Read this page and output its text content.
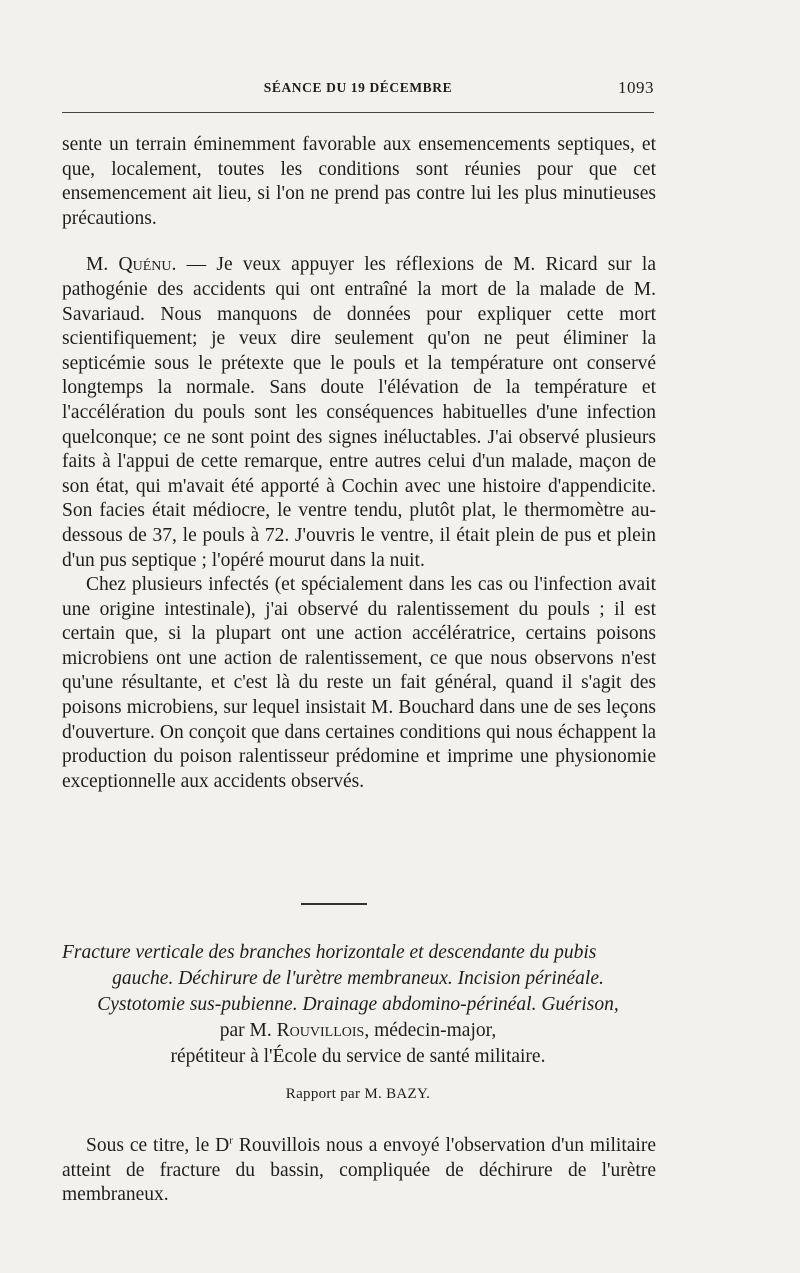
SÉANCE DU 19 DÉCEMBRE	1093

sente un terrain éminemment favorable aux ensemencements septiques, et que, localement, toutes les conditions sont réunies pour que cet ensemencement ait lieu, si l'on ne prend pas contre lui les plus minutieuses précautions.

M. Quénu. — Je veux appuyer les réflexions de M. Ricard sur la pathogénie des accidents qui ont entraîné la mort de la malade de M. Savariaud. Nous manquons de données pour expliquer cette mort scientifiquement; je veux dire seulement qu'on ne peut éliminer la septicémie sous le prétexte que le pouls et la température ont conservé longtemps la normale. Sans doute l'élévation de la température et l'accélération du pouls sont les conséquences habituelles d'une infection quelconque; ce ne sont point des signes inéluctables. J'ai observé plusieurs faits à l'appui de cette remarque, entre autres celui d'un malade, maçon de son état, qui m'avait été apporté à Cochin avec une histoire d'appendicite. Son facies était médiocre, le ventre tendu, plutôt plat, le thermomètre au-dessous de 37, le pouls à 72. J'ouvris le ventre, il était plein de pus et plein d'un pus septique ; l'opéré mourut dans la nuit.

Chez plusieurs infectés (et spécialement dans les cas ou l'infection avait une origine intestinale), j'ai observé du ralentissement du pouls ; il est certain que, si la plupart ont une action accélératrice, certains poisons microbiens ont une action de ralentissement, ce que nous observons n'est qu'une résultante, et c'est là du reste un fait général, quand il s'agit des poisons microbiens, sur lequel insistait M. Bouchard dans une de ses leçons d'ouverture. On conçoit que dans certaines conditions qui nous échappent la production du poison ralentisseur prédomine et imprime une physionomie exceptionnelle aux accidents observés.

Fracture verticale des branches horizontale et descendante du pubis
gauche. Déchirure de l'urètre membraneux. Incision périnéale.
Cystotomie sus-pubienne. Drainage abdomino-périnéal. Guérison,
par M. Rouvillois, médecin-major,
répétiteur à l'École du service de santé militaire.
Rapport par M. BAZY.

Sous ce titre, le $D^r$ Rouvillois nous a envoyé l'observation d'un militaire atteint de fracture du bassin, compliquée de déchirure de l'urètre membraneux.
